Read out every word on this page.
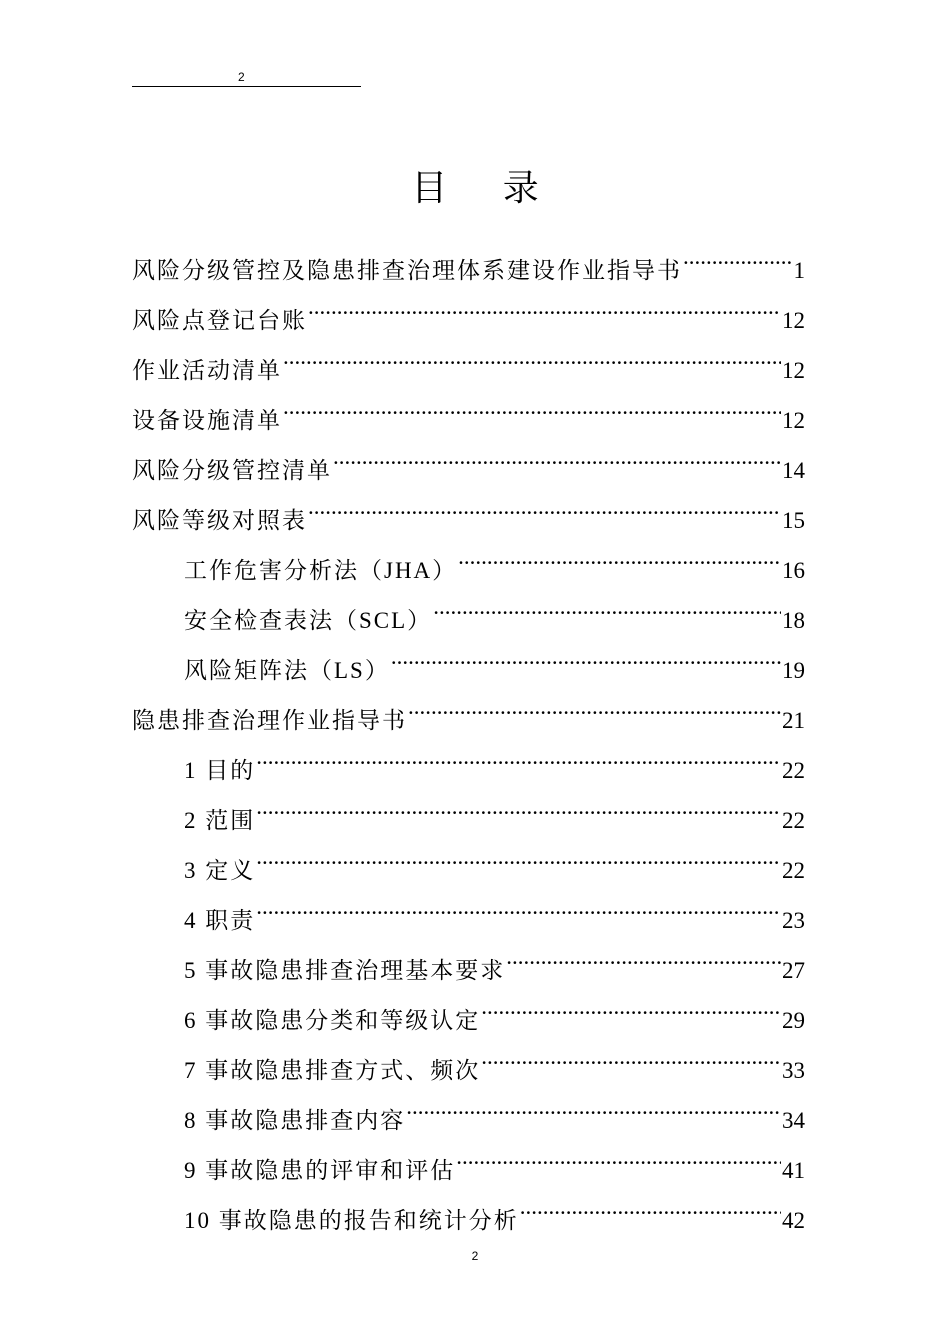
2
目 录
风险分级管控及隐患排查治理体系建设作业指导书 .....	1
风险点登记台账 .....	12
作业活动清单 .....	12
设备设施清单 .....	12
风险分级管控清单 .....	14
风险等级对照表 .....	15
工作危害分析法（JHA） .....	16
安全检查表法（SCL） .....	18
风险矩阵法（LS） .....	19
隐患排查治理作业指导书 .....	21
1 目的 .....	22
2 范围 .....	22
3 定义 .....	22
4 职责 .....	23
5 事故隐患排查治理基本要求 .....	27
6 事故隐患分类和等级认定 .....	29
7 事故隐患排查方式、频次 .....	33
8 事故隐患排查内容 .....	34
9 事故隐患的评审和评估 .....	41
10 事故隐患的报告和统计分析 .....	42
2
